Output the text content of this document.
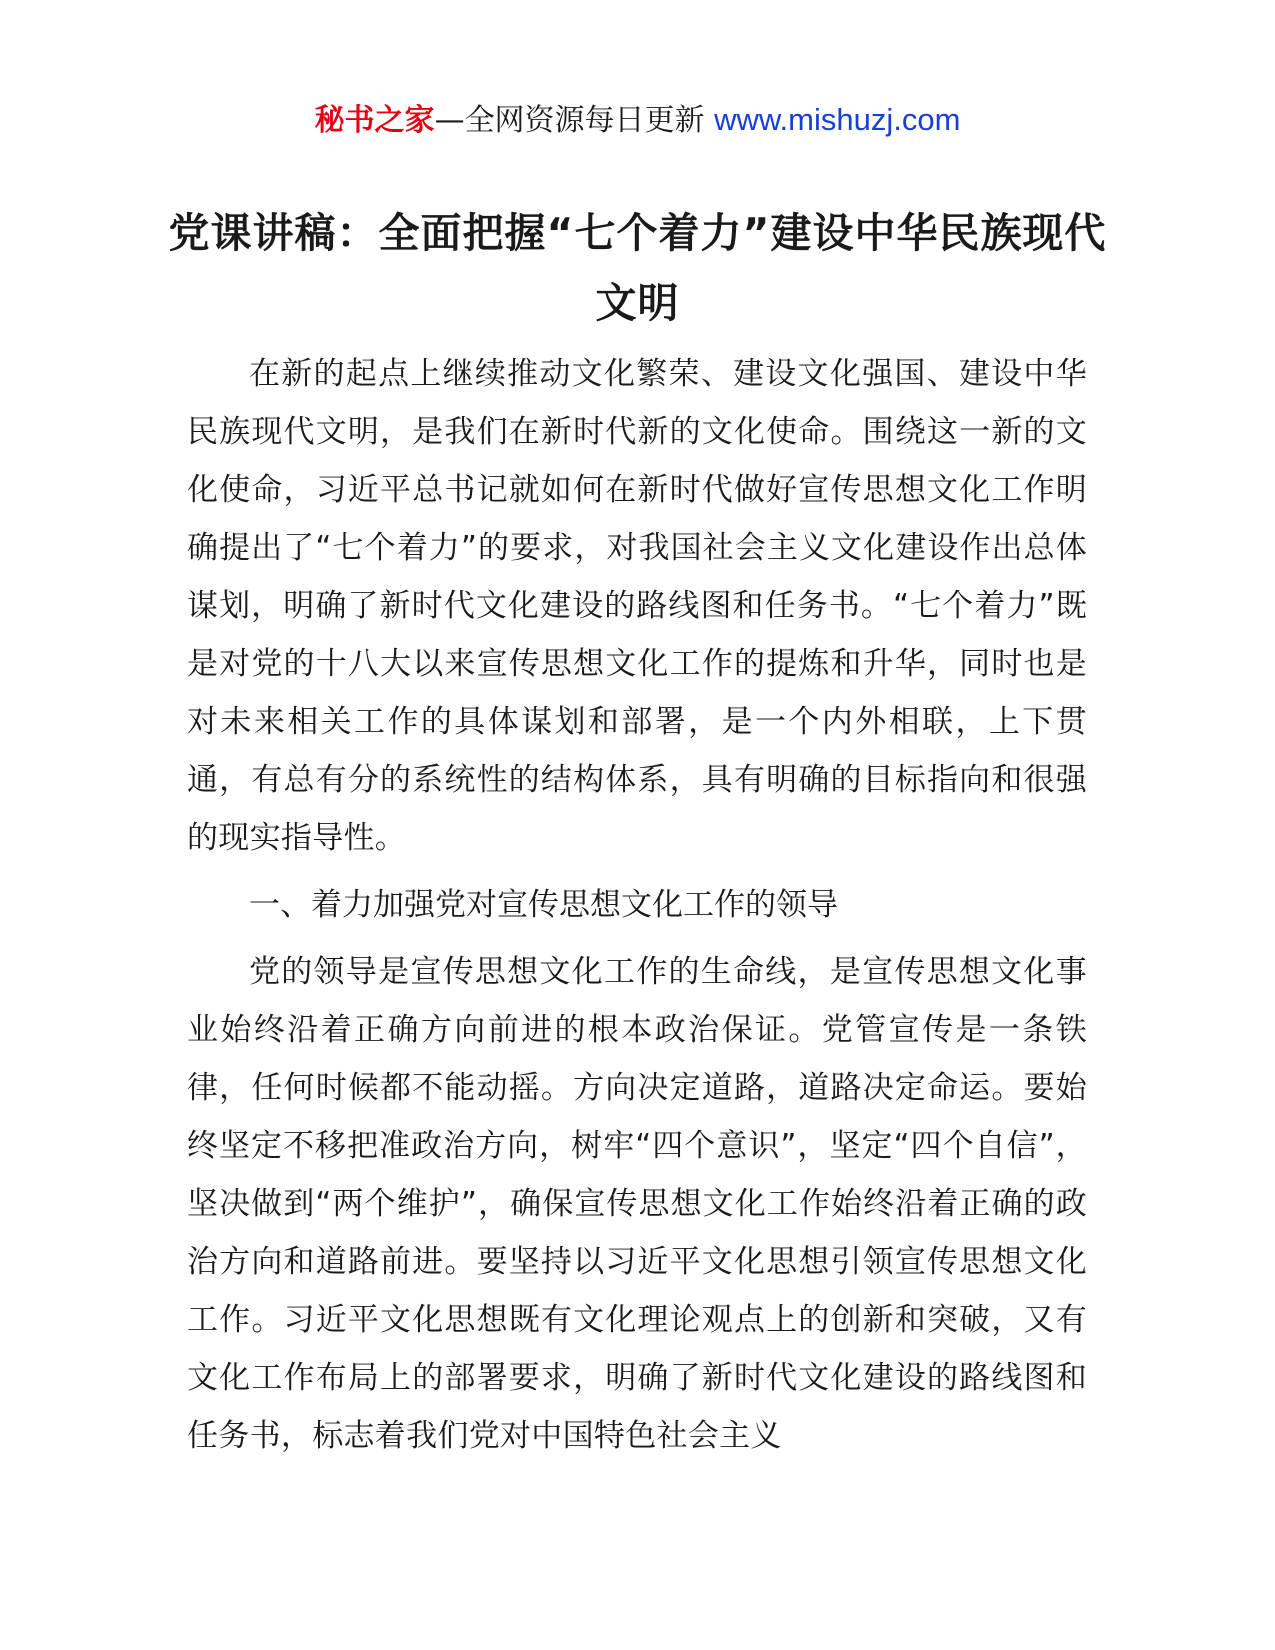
秘书之家—全网资源每日更新 www.mishuzj.com
党课讲稿：全面把握“七个着力”建设中华民族现代文明

在新的起点上继续推动文化繁荣、建设文化强国、建设中华民族现代文明，是我们在新时代新的文化使命。围绕这一新的文化使命，习近平总书记就如何在新时代做好宣传思想文化工作明确提出了“七个着力”的要求，对我国社会主义文化建设作出总体谋划，明确了新时代文化建设的路线图和任务书。“七个着力”既是对党的十八大以来宣传思想文化工作的提炼和升华，同时也是对未来相关工作的具体谋划和部署，是一个内外相联，上下贯通，有总有分的系统性的结构体系，具有明确的目标指向和很强的现实指导性。

一、着力加强党对宣传思想文化工作的领导

党的领导是宣传思想文化工作的生命线，是宣传思想文化事业始终沿着正确方向前进的根本政治保证。党管宣传是一条铁律，任何时候都不能动摇。方向决定道路，道路决定命运。要始终坚定不移把准政治方向，树牢“四个意识”，坚定“四个自信”，坚决做到“两个维护”，确保宣传思想文化工作始终沿着正确的政治方向和道路前进。要坚持以习近平文化思想引领宣传思想文化工作。习近平文化思想既有文化理论观点上的创新和突破，又有文化工作布局上的部署要求，明确了新时代文化建设的路线图和任务书，标志着我们党对中国特色社会主义
